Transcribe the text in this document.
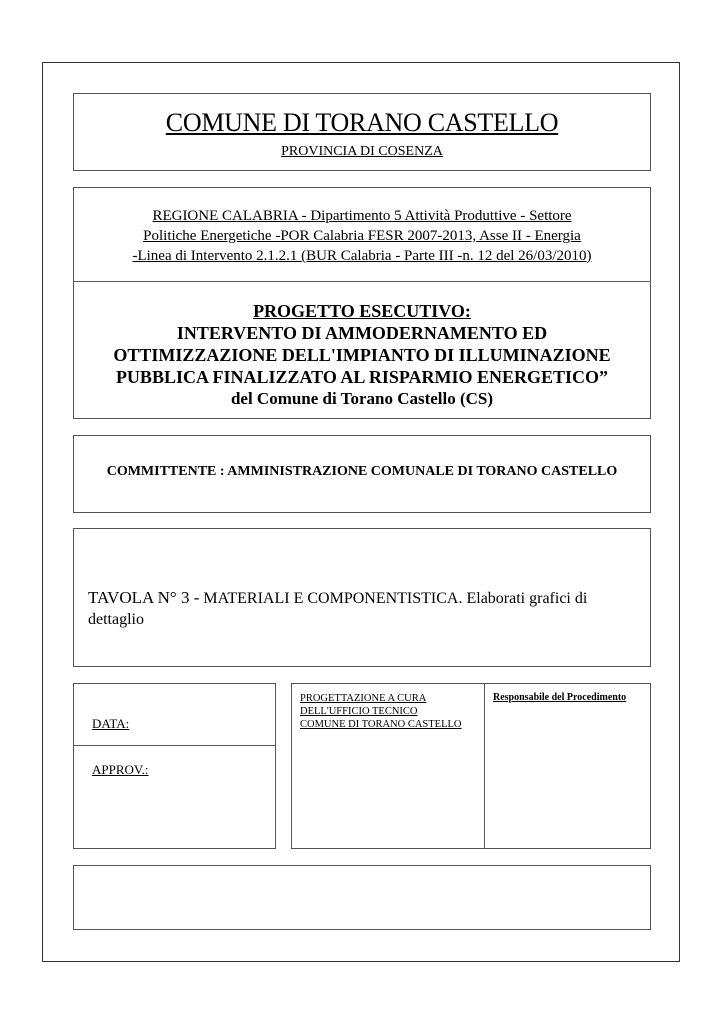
COMUNE DI TORANO CASTELLO
PROVINCIA DI COSENZA
REGIONE CALABRIA - Dipartimento 5 Attività Produttive - Settore
Politiche Energetiche -POR Calabria FESR 2007-2013, Asse II - Energia
-Linea di Intervento 2.1.2.1 (BUR Calabria - Parte III -n. 12 del 26/03/2010)
PROGETTO ESECUTIVO:
INTERVENTO DI AMMODERNAMENTO ED
OTTIMIZZAZIONE DELL'IMPIANTO DI ILLUMINAZIONE
PUBBLICA FINALIZZATO AL RISPARMIO ENERGETICO”
del Comune di Torano Castello (CS)
COMMITTENTE : AMMINISTRAZIONE COMUNALE DI TORANO CASTELLO
TAVOLA N° 3 - MATERIALI E COMPONENTISTICA. Elaborati grafici di dettaglio
DATA:
APPROV.:
PROGETTAZIONE A CURA
DELL'UFFICIO TECNICO
COMUNE DI TORANO CASTELLO
Responsabile del Procedimento
